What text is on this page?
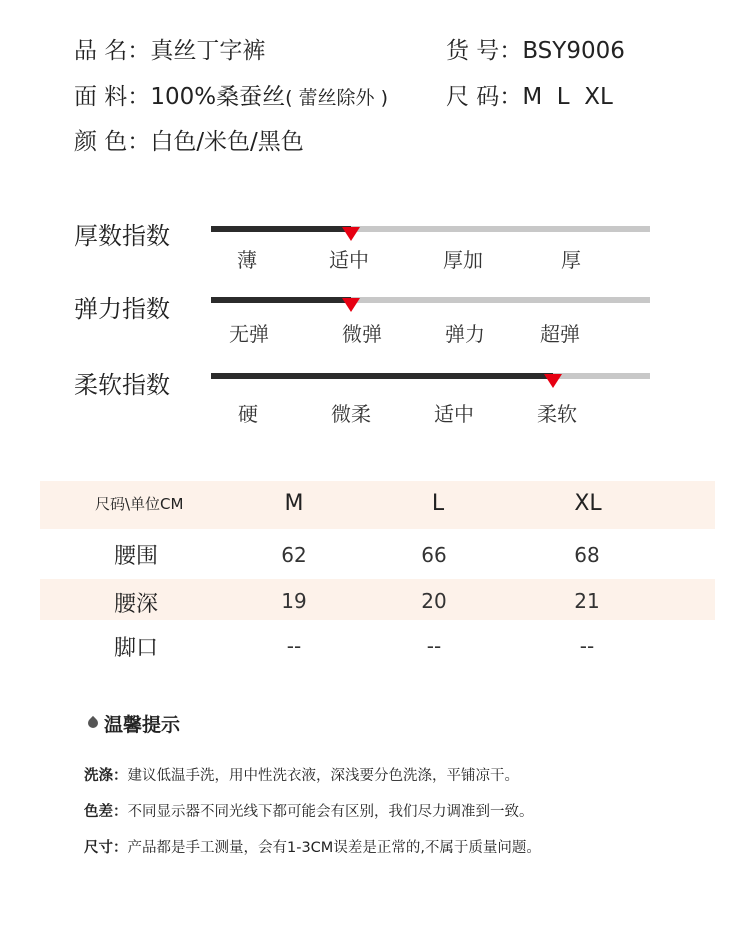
品 名：真丝丁字裤	货 号：BSY9006
面 料：100%桑蚕丝( 蕾丝除外 )	尺 码：M  L  XL
颜 色：白色/米色/黑色
厚数指数
薄	适中	厚加	厚
弹力指数
无弹	微弹	弹力	超弹
柔软指数
硬	微柔	适中	柔软
尺码\单位CM	M	L	XL
腰围	62	66	68
腰深	19	20	21
脚口	--	--	--
温馨提示
洗涤：建议低温手洗，用中性洗衣液，深浅要分色洗涤，平铺凉干。
色差：不同显示器不同光线下都可能会有区别，我们尽力调准到一致。
尺寸：产品都是手工测量，会有1-3CM误差是正常的,不属于质量问题。
